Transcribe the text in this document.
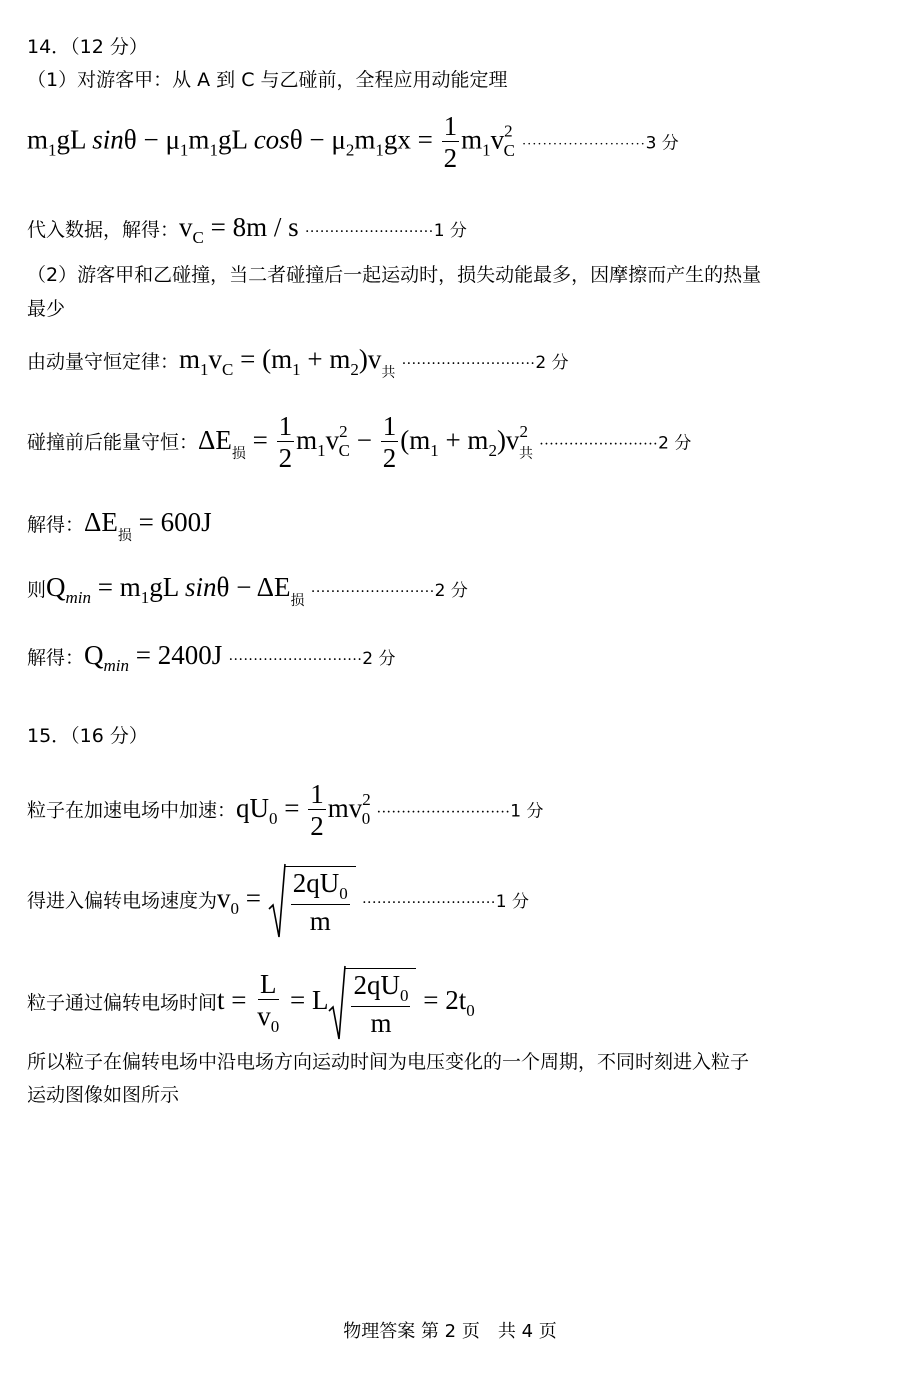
14．（12 分）
（1）对游客甲：从 A 到 C 与乙碰前，全程应用动能定理
$m_1gL$ $\sin\theta - \mu_1m_1gL$ $\cos\theta - \mu_2m_1gx = \frac{1}{2} m_1v^2_C \cdot\cdot\cdot\cdot\cdot\cdot\cdot\cdot\cdot\cdot\cdot\cdot\cdot\cdot\cdot\cdot\cdot\cdot\cdot\cdot\cdot\cdot\cdot\cdot 3$ 分
代入数据，解得：$v_C = 8m / s \cdot\cdot\cdot\cdot\cdot\cdot\cdot\cdot\cdot\cdot\cdot\cdot\cdot\cdot\cdot\cdot\cdot\cdot\cdot\cdot\cdot\cdot\cdot\cdot\cdot\cdot 1$ 分
（2）游客甲和乙碰撞，当二者碰撞后一起运动时，损失动能最多，因摩擦而产生的热量
最少
由动量守恒定律：$m_1v_C = (m_1 + m_2)v_共 \cdot\cdot\cdot\cdot\cdot\cdot\cdot\cdot\cdot\cdot\cdot\cdot\cdot\cdot\cdot\cdot\cdot\cdot\cdot\cdot\cdot\cdot\cdot\cdot\cdot\cdot\cdot 2$ 分
碰撞前后能量守恒：$\Delta E_损 = \frac{1}{2} m_1v^2_C - \frac{1}{2} (m_1 + m_2)v^2_共 \cdot\cdot\cdot\cdot\cdot\cdot\cdot\cdot\cdot\cdot\cdot\cdot\cdot\cdot\cdot\cdot\cdot\cdot\cdot\cdot\cdot\cdot\cdot\cdot 2$ 分
解得：$\Delta E_损 = 600J$
则$Q_{min} = m_1gL$ $\sin\theta - \Delta E_损 \cdot\cdot\cdot\cdot\cdot\cdot\cdot\cdot\cdot\cdot\cdot\cdot\cdot\cdot\cdot\cdot\cdot\cdot\cdot\cdot\cdot\cdot\cdot\cdot\cdot 2$ 分
解得：$Q_{min} = 2400J \cdot\cdot\cdot\cdot\cdot\cdot\cdot\cdot\cdot\cdot\cdot\cdot\cdot\cdot\cdot\cdot\cdot\cdot\cdot\cdot\cdot\cdot\cdot\cdot\cdot\cdot\cdot 2$ 分
15．（16 分）
粒子在加速电场中加速：$qU_0 = \frac{1}{2} mv^2_0 \cdot\cdot\cdot\cdot\cdot\cdot\cdot\cdot\cdot\cdot\cdot\cdot\cdot\cdot\cdot\cdot\cdot\cdot\cdot\cdot\cdot\cdot\cdot\cdot\cdot\cdot\cdot 1$ 分
得进入偏转电场速度为$v_0 = \frac{2qU_0}{m} \cdot\cdot\cdot\cdot\cdot\cdot\cdot\cdot\cdot\cdot\cdot\cdot\cdot\cdot\cdot\cdot\cdot\cdot\cdot\cdot\cdot\cdot\cdot\cdot\cdot\cdot\cdot 1$ 分
粒子通过偏转电场时间$t = \frac{L}{v_0} = L \frac{2qU_0}{m} = 2t_0$
所以粒子在偏转电场中沿电场方向运动时间为电压变化的一个周期，不同时刻进入粒子
运动图像如图所示
物理答案 第 2 页　共 4 页
